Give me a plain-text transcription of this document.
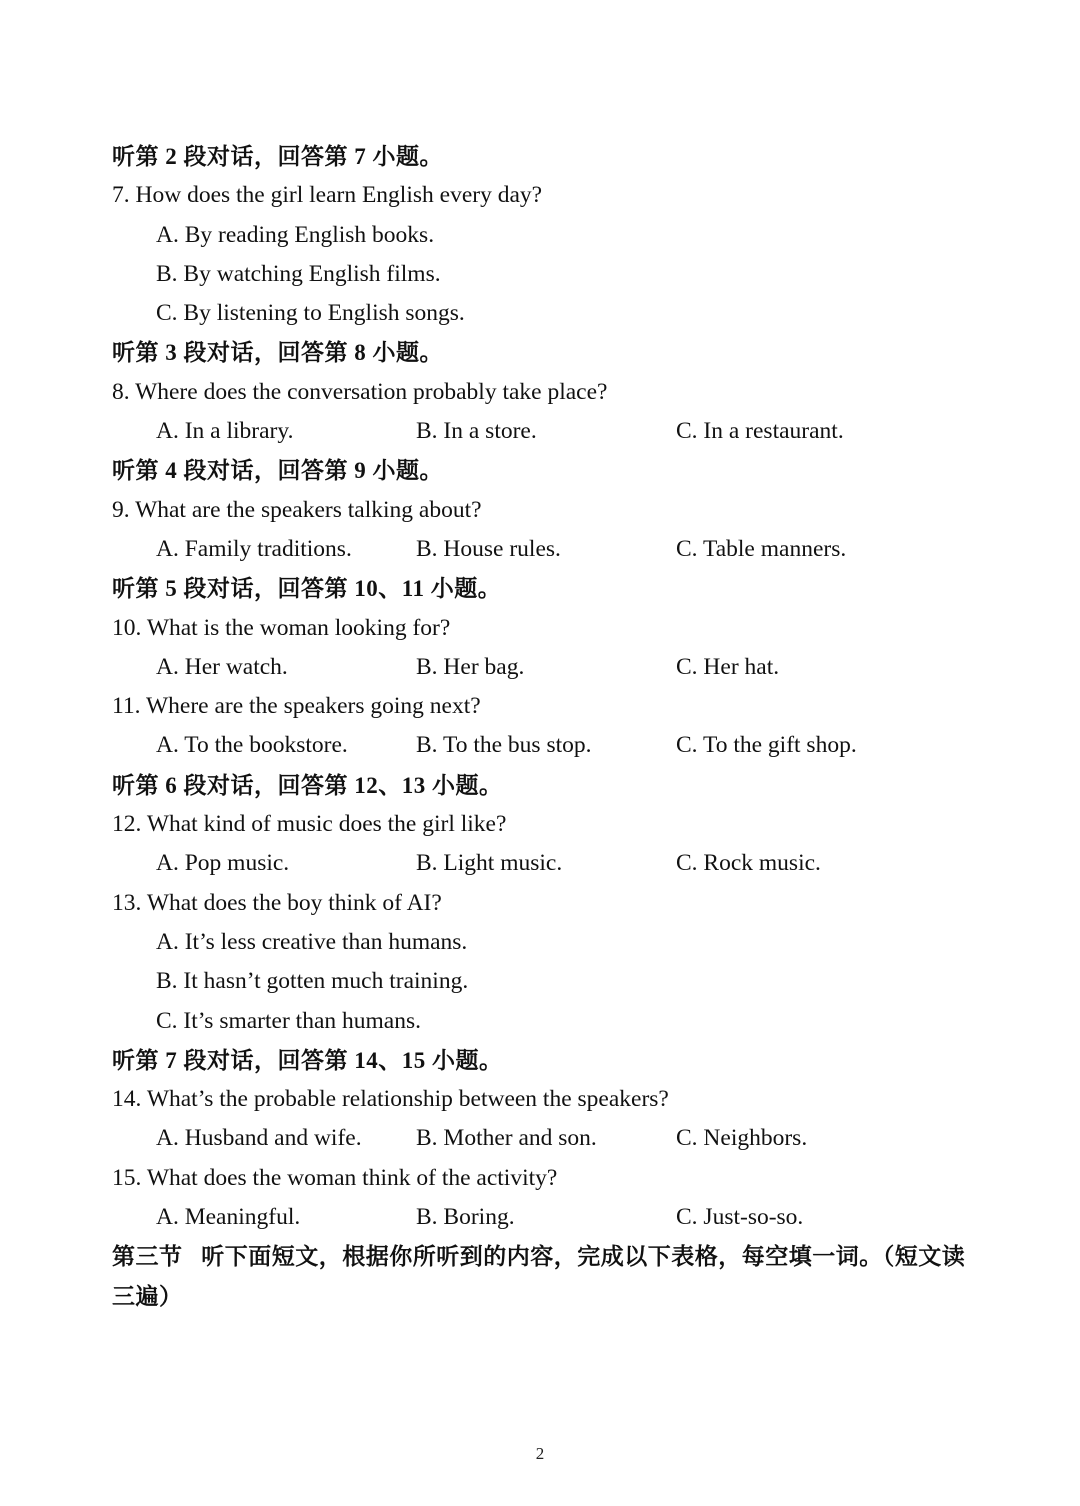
听第 2 段对话，回答第 7 小题。
7. How does the girl learn English every day?
A. By reading English books.
B. By watching English films.
C. By listening to English songs.
听第 3 段对话，回答第 8 小题。
8. Where does the conversation probably take place?
A. In a library.	B. In a store.	C. In a restaurant.
听第 4 段对话，回答第 9 小题。
9. What are the speakers talking about?
A. Family traditions.	B. House rules.	C. Table manners.
听第 5 段对话，回答第 10、11 小题。
10. What is the woman looking for?
A. Her watch.	B. Her bag.	C. Her hat.
11. Where are the speakers going next?
A. To the bookstore.	B. To the bus stop.	C. To the gift shop.
听第 6 段对话，回答第 12、13 小题。
12. What kind of music does the girl like?
A. Pop music.	B. Light music.	C. Rock music.
13. What does the boy think of AI?
A. It’s less creative than humans.
B. It hasn’t gotten much training.
C. It’s smarter than humans.
听第 7 段对话，回答第 14、15 小题。
14. What’s the probable relationship between the speakers?
A. Husband and wife.	B. Mother and son.	C. Neighbors.
15. What does the woman think of the activity?
A. Meaningful.	B. Boring.	C. Just-so-so.
第三节 听下面短文，根据你所听到的内容，完成以下表格，每空填一词。（短文读三遍）
2
